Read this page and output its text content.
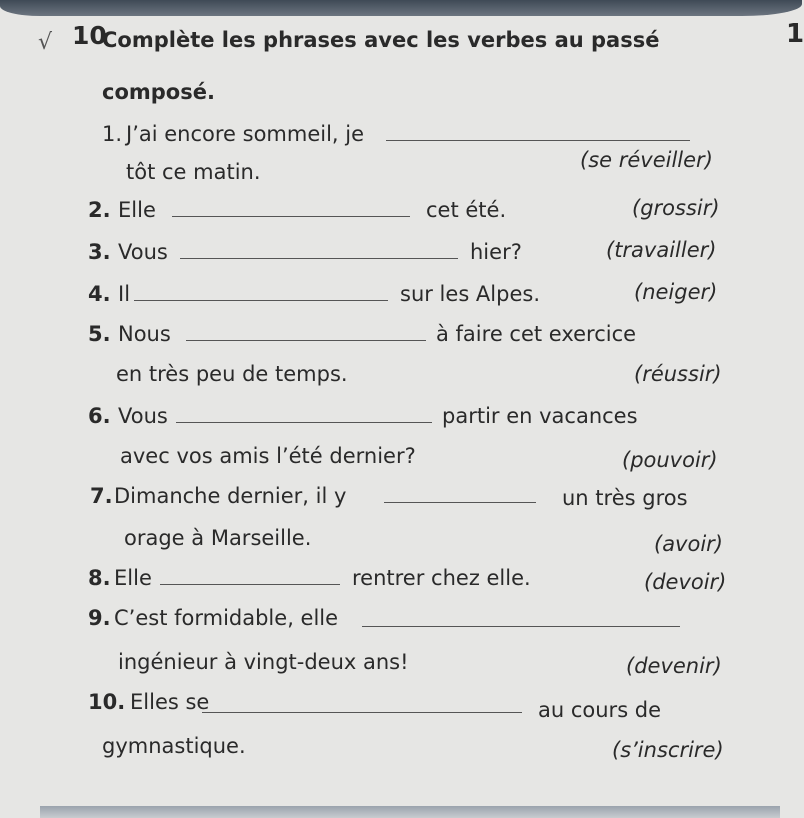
√ 10
Complète les phrases avec les verbes au passé
composé.
1
1. J’ai encore sommeil, je
tôt ce matin.	(se réveiller)
2. Elle	cet été.	(grossir)
3. Vous	hier?	(travailler)
4. Il	sur les Alpes.	(neiger)
5. Nous	à faire cet exercice
en très peu de temps.	(réussir)
6. Vous	partir en vacances
avec vos amis l’été dernier?	(pouvoir)
7. Dimanche dernier, il y	un très gros
orage à Marseille.	(avoir)
8. Elle	rentrer chez elle.	(devoir)
9. C’est formidable, elle
ingénieur à vingt-deux ans!	(devenir)
10. Elles se	au cours de
gymnastique.	(s’inscrire)
